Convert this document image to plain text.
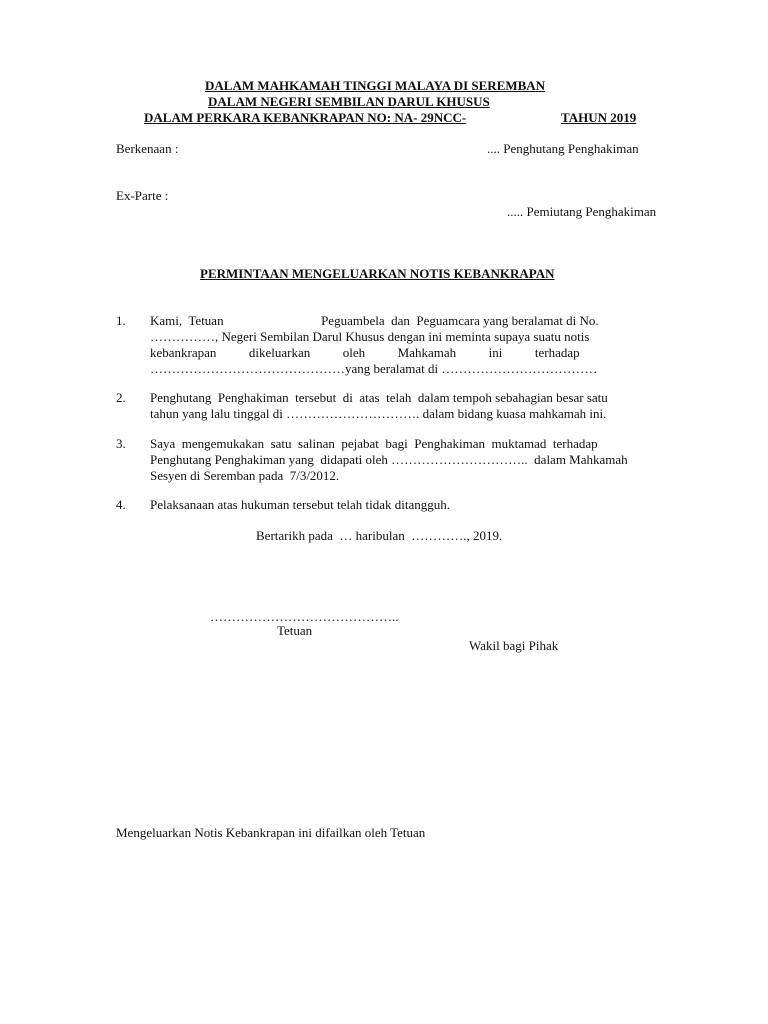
DALAM MAHKAMAH TINGGI MALAYA DI SEREMBAN
DALAM NEGERI SEMBILAN DARUL KHUSUS
DALAM PERKARA KEBANKRAPAN NO: NA- 29NCC-	TAHUN 2019
Berkenaan :	.... Penghutang Penghakiman
Ex-Parte :
..... Pemiutang Penghakiman
PERMINTAAN MENGELUARKAN NOTIS KEBANKRAPAN
1. Kami,  Tetuan                              Peguambela  dan  Peguamcara yang beralamat di No.
……………, Negeri Sembilan Darul Khusus dengan ini meminta supaya suatu notis
kebankrapan          dikeluarkan          oleh          Mahkamah          ini          terhadap
………………………………………yang beralamat di ………………………………
2. Penghutang  Penghakiman  tersebut  di  atas  telah  dalam tempoh sebahagian besar satu
tahun yang lalu tinggal di …………………………. dalam bidang kuasa mahkamah ini.
3. Saya  mengemukakan  satu  salinan  pejabat  bagi  Penghakiman  muktamad  terhadap
Penghutang Penghakiman yang  didapati oleh …………………………..  dalam Mahkamah
Sesyen di Seremban pada  7/3/2012.
4. Pelaksanaan atas hukuman tersebut telah tidak ditangguh.
Bertarikh pada  … haribulan  …………., 2019.
……………………………………..
Tetuan
Wakil bagi Pihak
Mengeluarkan Notis Kebankrapan ini difailkan oleh Tetuan
